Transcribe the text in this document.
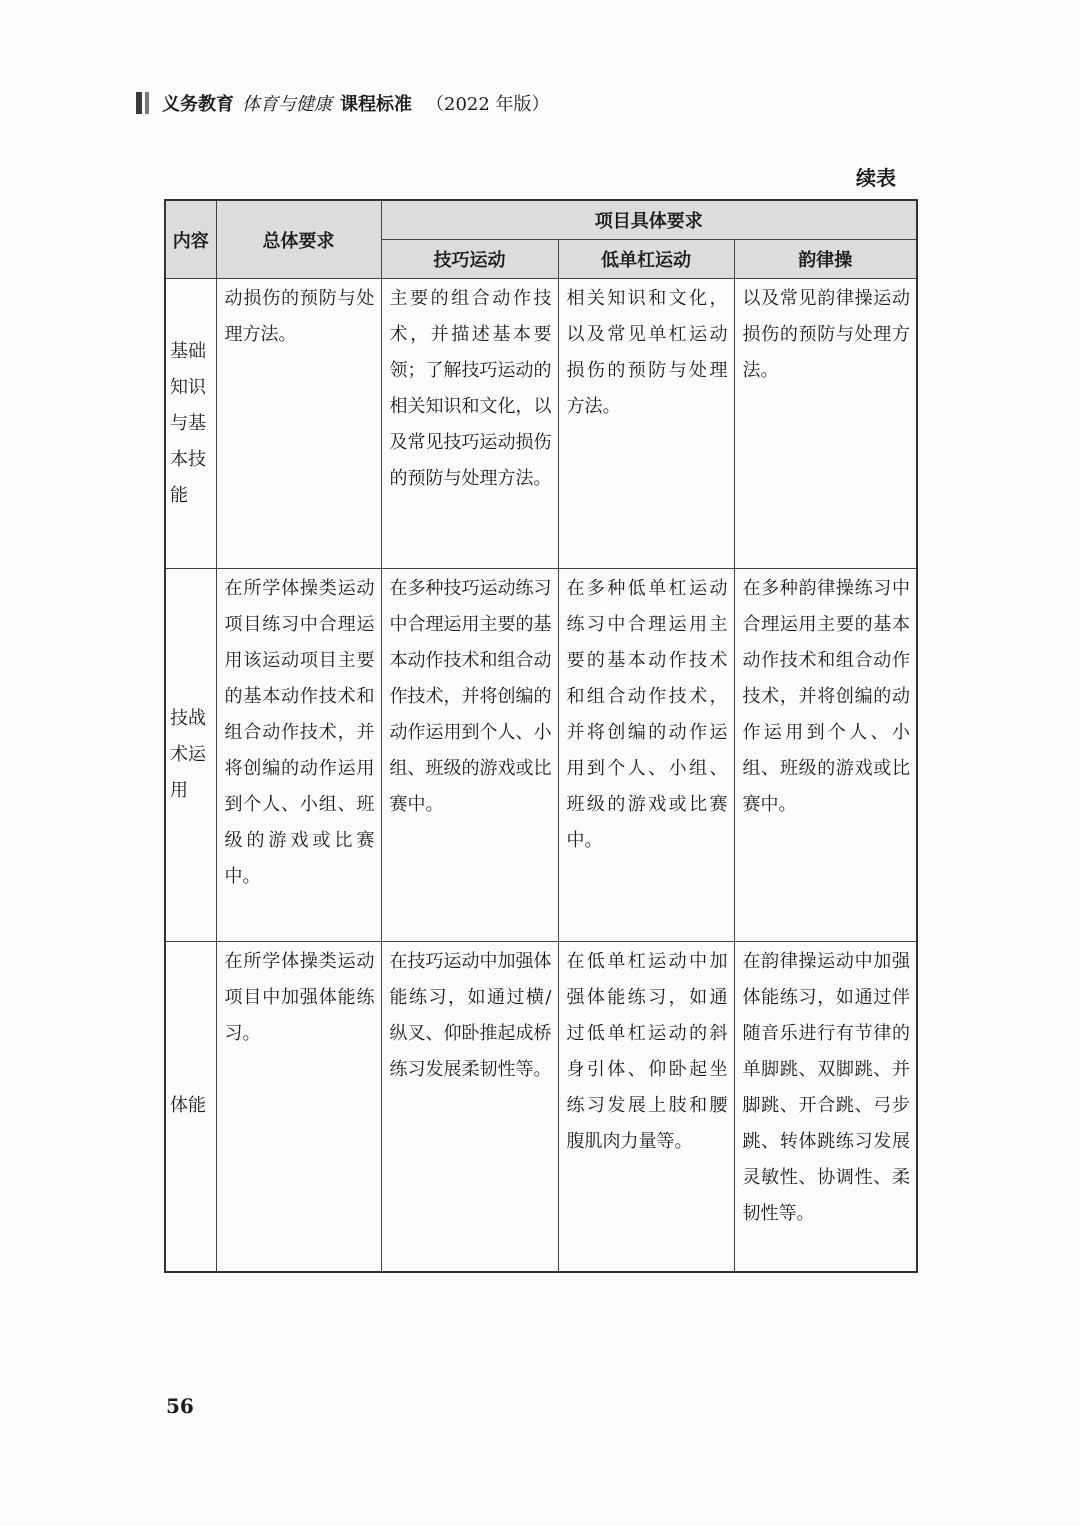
义务教育 体育与健康 课程标准 （2022 年版）
续表
内容	总体要求	项目具体要求		
		技巧运动	低单杠运动	韵律操
基础知识与基本技能	动损伤的预防与处理方法。	主要的组合动作技术，并描述基本要领；了解技巧运动的相关知识和文化，以及常见技巧运动损伤的预防与处理方法。	相关知识和文化，以及常见单杠运动损伤的预防与处理方法。	以及常见韵律操运动损伤的预防与处理方法。
技战术运用	在所学体操类运动项目练习中合理运用该运动项目主要的基本动作技术和组合动作技术，并将创编的动作运用到个人、小组、班级的游戏或比赛中。	在多种技巧运动练习中合理运用主要的基本动作技术和组合动作技术，并将创编的动作运用到个人、小组、班级的游戏或比赛中。	在多种低单杠运动练习中合理运用主要的基本动作技术和组合动作技术，并将创编的动作运用到个人、小组、班级的游戏或比赛中。	在多种韵律操练习中合理运用主要的基本动作技术和组合动作技术，并将创编的动作运用到个人、小组、班级的游戏或比赛中。
体能	在所学体操类运动项目中加强体能练习。	在技巧运动中加强体能练习，如通过横/纵叉、仰卧推起成桥练习发展柔韧性等。	在低单杠运动中加强体能练习，如通过低单杠运动的斜身引体、仰卧起坐练习发展上肢和腰腹肌肉力量等。	在韵律操运动中加强体能练习，如通过伴随音乐进行有节律的单脚跳、双脚跳、并脚跳、开合跳、弓步跳、转体跳练习发展灵敏性、协调性、柔韧性等。
56
